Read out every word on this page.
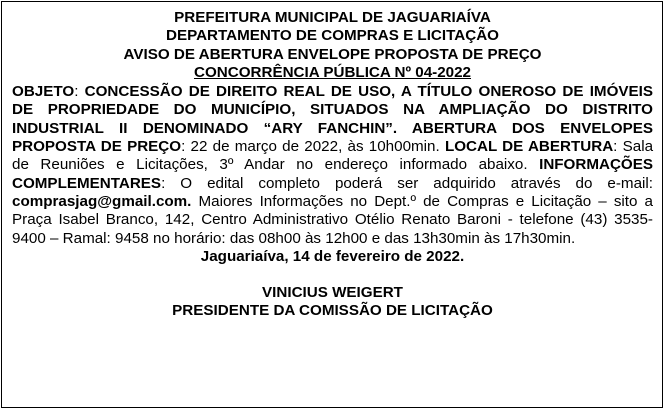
PREFEITURA MUNICIPAL DE JAGUARIAÍVA
DEPARTAMENTO DE COMPRAS E LICITAÇÃO
AVISO DE ABERTURA ENVELOPE PROPOSTA DE PREÇO
CONCORRÊNCIA PÚBLICA Nº 04-2022
OBJETO: CONCESSÃO DE DIREITO REAL DE USO, A TÍTULO ONEROSO DE IMÓVEIS DE PROPRIEDADE DO MUNICÍPIO, SITUADOS NA AMPLIAÇÃO DO DISTRITO INDUSTRIAL II DENOMINADO “ARY FANCHIN”. ABERTURA DOS ENVELOPES PROPOSTA DE PREÇO: 22 de março de 2022, às 10h00min. LOCAL DE ABERTURA: Sala de Reuniões e Licitações, 3º Andar no endereço informado abaixo. INFORMAÇÕES COMPLEMENTARES: O edital completo poderá ser adquirido através do e-mail: comprasjag@gmail.com. Maiores Informações no Dept.º de Compras e Licitação – sito a Praça Isabel Branco, 142, Centro Administrativo Otélio Renato Baroni - telefone (43) 3535-9400 – Ramal: 9458 no horário: das 08h00 às 12h00 e das 13h30min às 17h30min.
Jaguariaíva, 14 de fevereiro de 2022.
VINICIUS WEIGERT
PRESIDENTE DA COMISSÃO DE LICITAÇÃO
